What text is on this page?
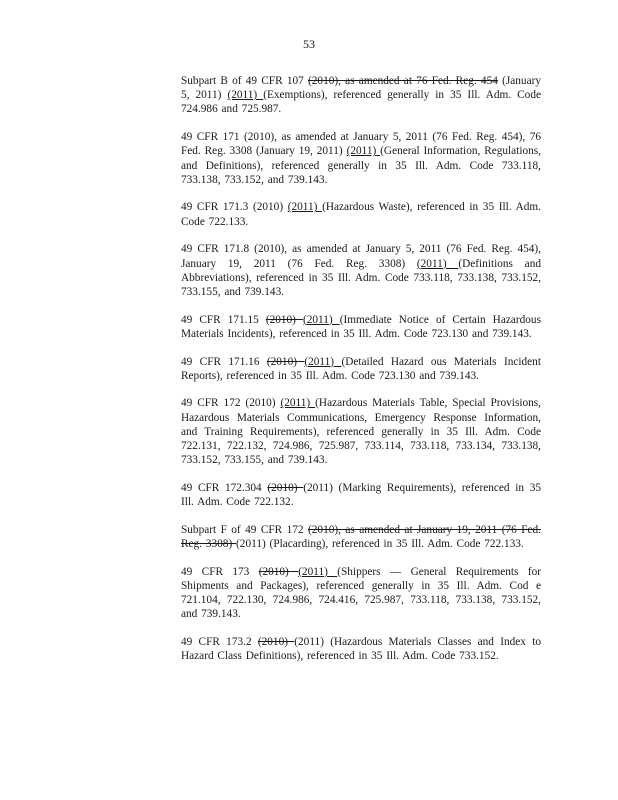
53

Subpart B of 49 CFR 107 (2010), as amended at 76 Fed. Reg. 454 (January 5, 2011) (2011) (Exemptions), referenced generally in 35 Ill. Adm. Code 724.986 and 725.987.

49 CFR 171 (2010), as amended at January 5, 2011 (76 Fed. Reg. 454), 76 Fed. Reg. 3308 (January 19, 2011) (2011) (General Information, Regulations, and Definitions), referenced generally in 35 Ill. Adm. Code 733.118, 733.138, 733.152, and 739.143.

49 CFR 171.3 (2010) (2011) (Hazardous Waste), referenced in 35 Ill. Adm. Code 722.133.

49 CFR 171.8 (2010), as amended at January 5, 2011 (76 Fed. Reg. 454), January 19, 2011 (76 Fed. Reg. 3308) (2011) (Definitions and Abbreviations), referenced in 35 Ill. Adm. Code 733.118, 733.138, 733.152, 733.155, and 739.143.

49 CFR 171.15 (2010) (2011) (Immediate Notice of Certain Hazardous Materials Incidents), referenced in 35 Ill. Adm. Code 723.130 and 739.143.

49 CFR 171.16 (2010) (2011) (Detailed Hazard ous Materials Incident Reports), referenced in 35 Ill. Adm. Code 723.130 and 739.143.

49 CFR 172 (2010) (2011) (Hazardous Materials Table, Special Provisions, Hazardous Materials Communications, Emergency Response Information, and Training Requirements), referenced generally in 35 Ill. Adm. Code 722.131, 722.132, 724.986, 725.987, 733.114, 733.118, 733.134, 733.138, 733.152, 733.155, and 739.143.

49 CFR 172.304 (2010) (2011) (Marking Requirements), referenced in 35 Ill. Adm. Code 722.132.

Subpart F of 49 CFR 172 (2010), as amended at January 19, 2011 (76 Fed. Reg. 3308) (2011) (Placarding), referenced in 35 Ill. Adm. Code 722.133.

49 CFR 173 (2010) (2011) (Shippers — General Requirements for Shipments and Packages), referenced generally in 35 Ill. Adm. Cod e 721.104, 722.130, 724.986, 724.416, 725.987, 733.118, 733.138, 733.152, and 739.143.

49 CFR 173.2 (2010) (2011) (Hazardous Materials Classes and Index to Hazard Class Definitions), referenced in 35 Ill. Adm. Code 733.152.
